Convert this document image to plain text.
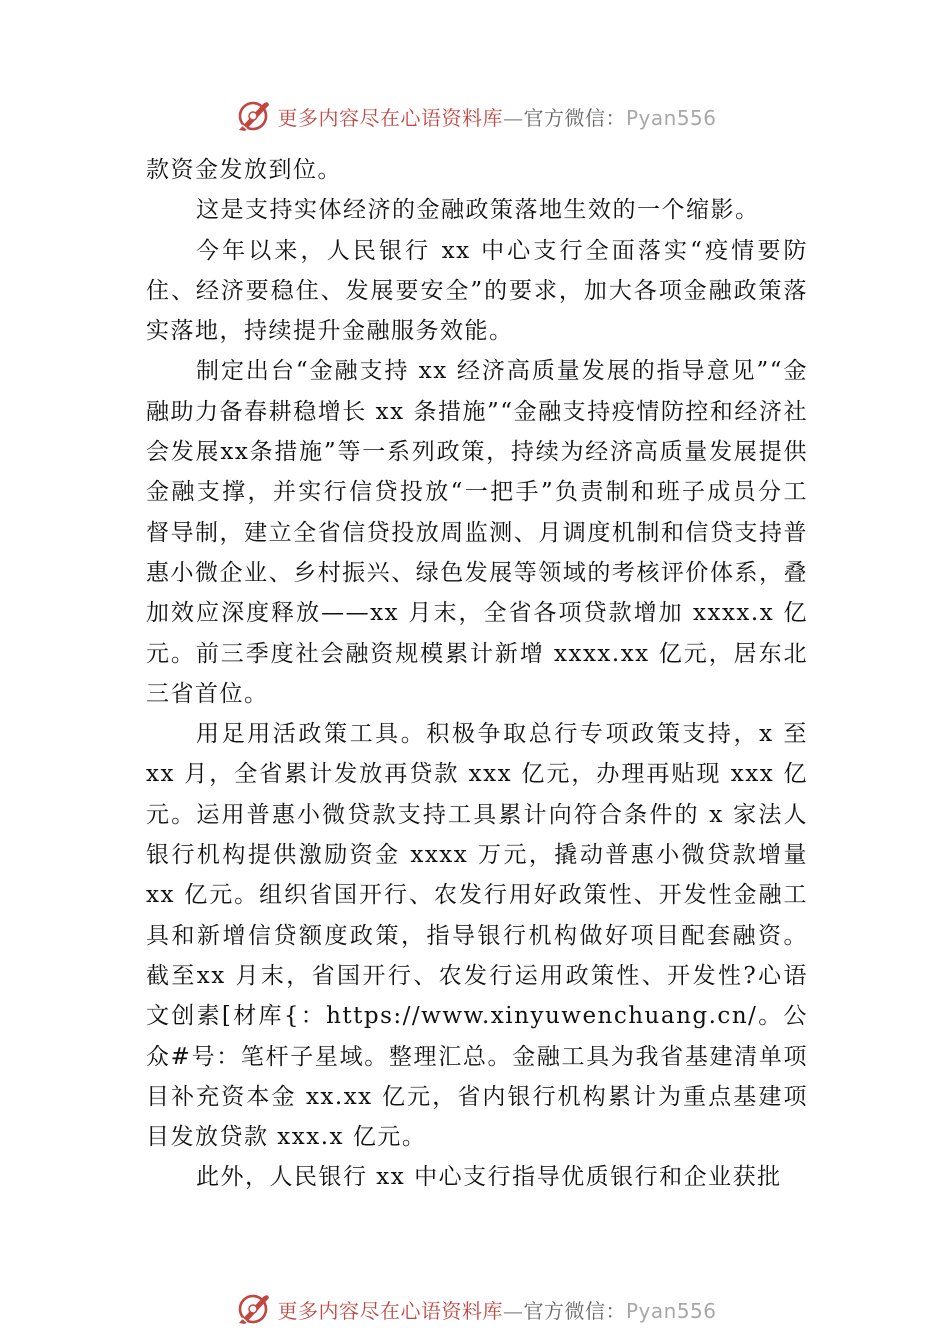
更多内容尽在心语资料库—官方微信：Pyan556

款资金发放到位。

这是支持实体经济的金融政策落地生效的一个缩影。

今年以来，人民银行 xx 中心支行全面落实“疫情要防住、经济要稳住、发展要安全”的要求，加大各项金融政策落实落地，持续提升金融服务效能。

制定出台“金融支持 xx 经济高质量发展的指导意见”“金融助力备春耕稳增长 xx 条措施”“金融支持疫情防控和经济社会发展xx条措施”等一系列政策，持续为经济高质量发展提供金融支撑，并实行信贷投放“一把手”负责制和班子成员分工督导制，建立全省信贷投放周监测、月调度机制和信贷支持普惠小微企业、乡村振兴、绿色发展等领域的考核评价体系，叠加效应深度释放——xx 月末，全省各项贷款增加 xxxx.x 亿元。前三季度社会融资规模累计新增 xxxx.xx 亿元，居东北三省首位。

用足用活政策工具。积极争取总行专项政策支持，x 至 xx 月，全省累计发放再贷款 xxx 亿元，办理再贴现 xxx 亿元。运用普惠小微贷款支持工具累计向符合条件的 x 家法人银行机构提供激励资金 xxxx 万元，撬动普惠小微贷款增量xx 亿元。组织省国开行、农发行用好政策性、开发性金融工具和新增信贷额度政策，指导银行机构做好项目配套融资。 截至xx 月末，省国开行、农发行运用政策性、开发性?心语文创素[材库{：https://www.xinyuwenchuang.cn/。公众#号：笔杆子星域。整理汇总。金融工具为我省基建清单项目补充资本金 xx.xx 亿元，省内银行机构累计为重点基建项目发放贷款 xxx.x 亿元。

此外，人民银行 xx 中心支行指导优质银行和企业获批

更多内容尽在心语资料库—官方微信：Pyan556
